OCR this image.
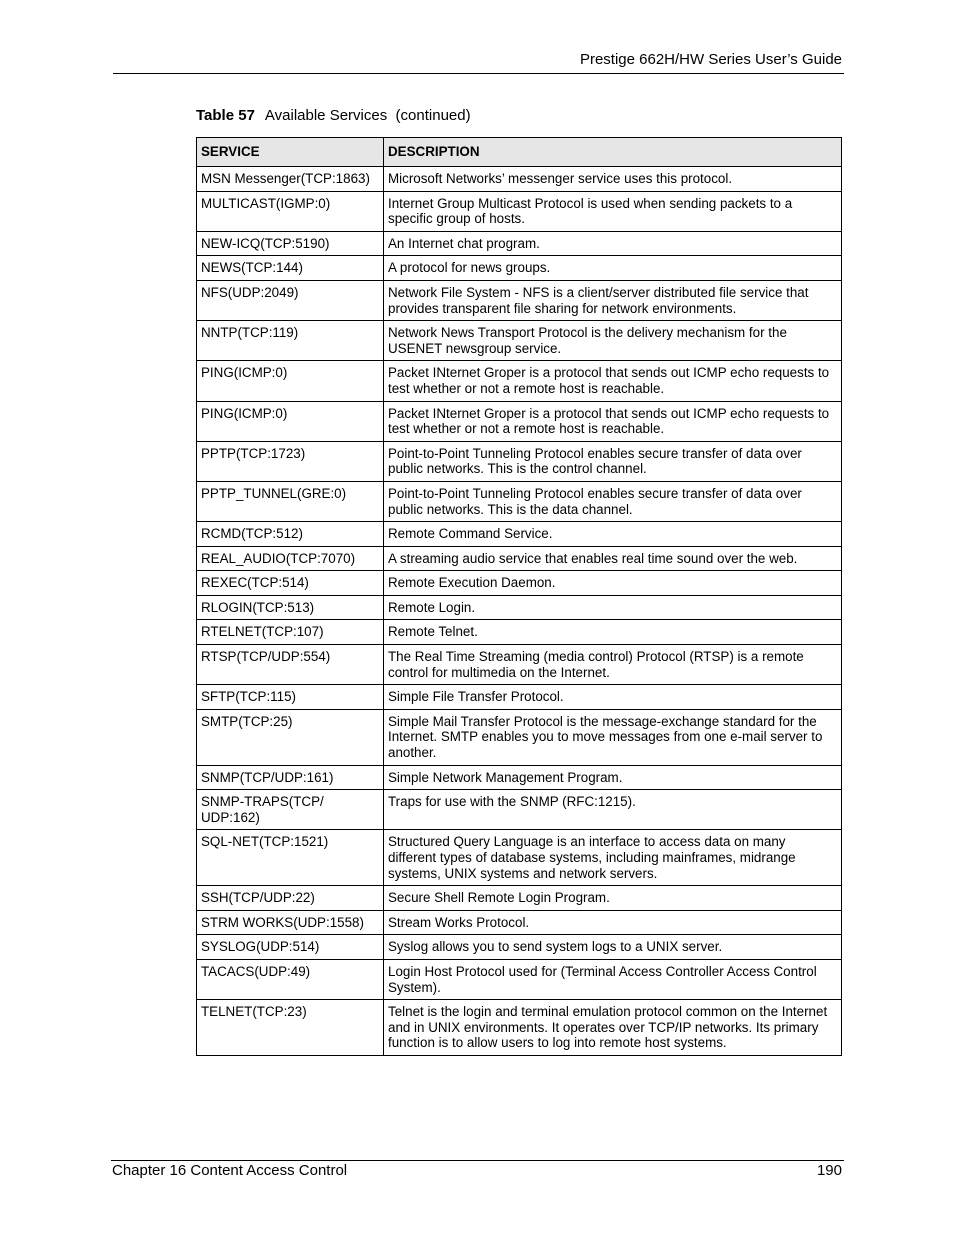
Prestige 662H/HW Series User’s Guide
Table 57 Available Services  (continued)
SERVICE	DESCRIPTION
MSN Messenger(TCP:1863)	Microsoft Networks’ messenger service uses this protocol.
MULTICAST(IGMP:0)	Internet Group Multicast Protocol is used when sending packets to a specific group of hosts.
NEW-ICQ(TCP:5190)	An Internet chat program.
NEWS(TCP:144)	A protocol for news groups.
NFS(UDP:2049)	Network File System - NFS is a client/server distributed file service that provides transparent file sharing for network environments.
NNTP(TCP:119)	Network News Transport Protocol is the delivery mechanism for the USENET newsgroup service.
PING(ICMP:0)	Packet INternet Groper is a protocol that sends out ICMP echo requests to test whether or not a remote host is reachable.
PING(ICMP:0)	Packet INternet Groper is a protocol that sends out ICMP echo requests to test whether or not a remote host is reachable.
PPTP(TCP:1723)	Point-to-Point Tunneling Protocol enables secure transfer of data over public networks. This is the control channel.
PPTP_TUNNEL(GRE:0)	Point-to-Point Tunneling Protocol enables secure transfer of data over public networks. This is the data channel.
RCMD(TCP:512)	Remote Command Service.
REAL_AUDIO(TCP:7070)	A streaming audio service that enables real time sound over the web.
REXEC(TCP:514)	Remote Execution Daemon.
RLOGIN(TCP:513)	Remote Login.
RTELNET(TCP:107)	Remote Telnet.
RTSP(TCP/UDP:554)	The Real Time Streaming (media control) Protocol (RTSP) is a remote control for multimedia on the Internet.
SFTP(TCP:115)	Simple File Transfer Protocol.
SMTP(TCP:25)	Simple Mail Transfer Protocol is the message-exchange standard for the Internet. SMTP enables you to move messages from one e-mail server to another.
SNMP(TCP/UDP:161)	Simple Network Management Program.
SNMP-TRAPS(TCP/ UDP:162)	Traps for use with the SNMP (RFC:1215).
SQL-NET(TCP:1521)	Structured Query Language is an interface to access data on many different types of database systems, including mainframes, midrange systems, UNIX systems and network servers.
SSH(TCP/UDP:22)	Secure Shell Remote Login Program.
STRM WORKS(UDP:1558)	Stream Works Protocol.
SYSLOG(UDP:514)	Syslog allows you to send system logs to a UNIX server.
TACACS(UDP:49)	Login Host Protocol used for (Terminal Access Controller Access Control System).
TELNET(TCP:23)	Telnet is the login and terminal emulation protocol common on the Internet and in UNIX environments. It operates over TCP/IP networks. Its primary function is to allow users to log into remote host systems.
Chapter 16 Content Access Control	190
